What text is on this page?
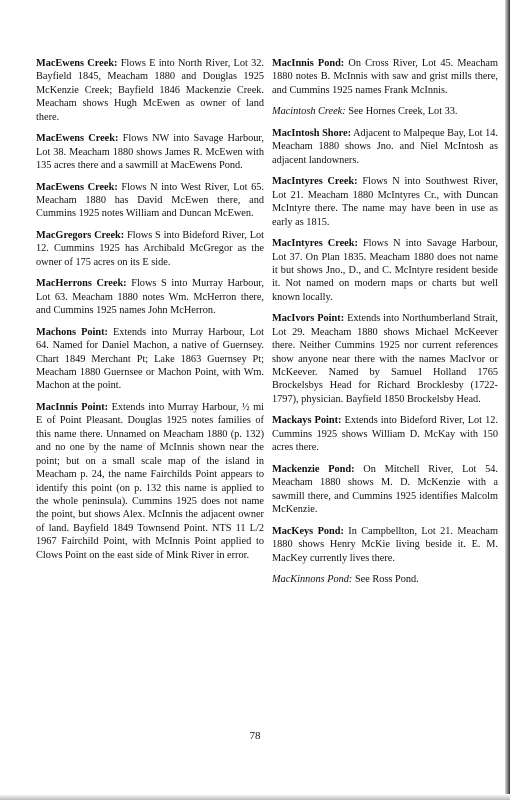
MacEwens Creek: Flows E into North River, Lot 32. Bayfield 1845, Meacham 1880 and Douglas 1925 McKenzie Creek; Bayfield 1846 Mackenzie Creek. Meacham shows Hugh McEwen as owner of land there.

MacEwens Creek: Flows NW into Savage Harbour, Lot 38. Meacham 1880 shows James R. McEwen with 135 acres there and a sawmill at MacEwens Pond.

MacEwens Creek: Flows N into West River, Lot 65. Meacham 1880 has David McEwen there, and Cummins 1925 notes William and Duncan McEwen.

MacGregors Creek: Flows S into Bideford River, Lot 12. Cummins 1925 has Archibald McGregor as the owner of 175 acres on its E side.

MacHerrons Creek: Flows S into Murray Harbour, Lot 63. Meacham 1880 notes Wm. McHerron there, and Cummins 1925 names John McHerron.

Machons Point: Extends into Murray Harbour, Lot 64. Named for Daniel Machon, a native of Guernsey. Chart 1849 Merchant Pt; Lake 1863 Guernsey Pt; Meacham 1880 Guernsee or Machon Point, with Wm. Machon at the point.

MacInnis Point: Extends into Murray Harbour, ½ mi E of Point Pleasant. Douglas 1925 notes families of this name there. Unnamed on Meacham 1880 (p. 132) and no one by the name of McInnis shown near the point; but on a small scale map of the island in Meacham p. 24, the name Fairchilds Point appears to identify this point (on p. 132 this name is applied to the whole peninsula). Cummins 1925 does not name the point, but shows Alex. McInnis the adjacent owner of land. Bayfield 1849 Townsend Point. NTS 11 L/2 1967 Fairchild Point, with McInnis Point applied to Clows Point on the east side of Mink River in error.

MacInnis Pond: On Cross River, Lot 45. Meacham 1880 notes B. McInnis with saw and grist mills there, and Cummins 1925 names Frank McInnis.

Macintosh Creek: See Hornes Creek, Lot 33.

MacIntosh Shore: Adjacent to Malpeque Bay, Lot 14. Meacham 1880 shows Jno. and Niel McIntosh as adjacent landowners.

MacIntyres Creek: Flows N into Southwest River, Lot 21. Meacham 1880 McIntyres Cr., with Duncan McIntyre there. The name may have been in use as early as 1815.

MacIntyres Creek: Flows N into Savage Harbour, Lot 37. On Plan 1835. Meacham 1880 does not name it but shows Jno., D., and C. McIntyre resident beside it. Not named on modern maps or charts but well known locally.

MacIvors Point: Extends into Northumberland Strait, Lot 29. Meacham 1880 shows Michael McKeever there. Neither Cummins 1925 nor current references show anyone near there with the names MacIvor or McKeever. Named by Samuel Holland 1765 Brockelsbys Head for Richard Brocklesby (1722-1797), physician. Bayfield 1850 Brockelsby Head.

Mackays Point: Extends into Bideford River, Lot 12. Cummins 1925 shows William D. McKay with 150 acres there.

Mackenzie Pond: On Mitchell River, Lot 54. Meacham 1880 shows M. D. McKenzie with a sawmill there, and Cummins 1925 identifies Malcolm McKenzie.

MacKeys Pond: In Campbellton, Lot 21. Meacham 1880 shows Henry McKie living beside it. E. M. MacKey currently lives there.

MacKinnons Pond: See Ross Pond.

78
